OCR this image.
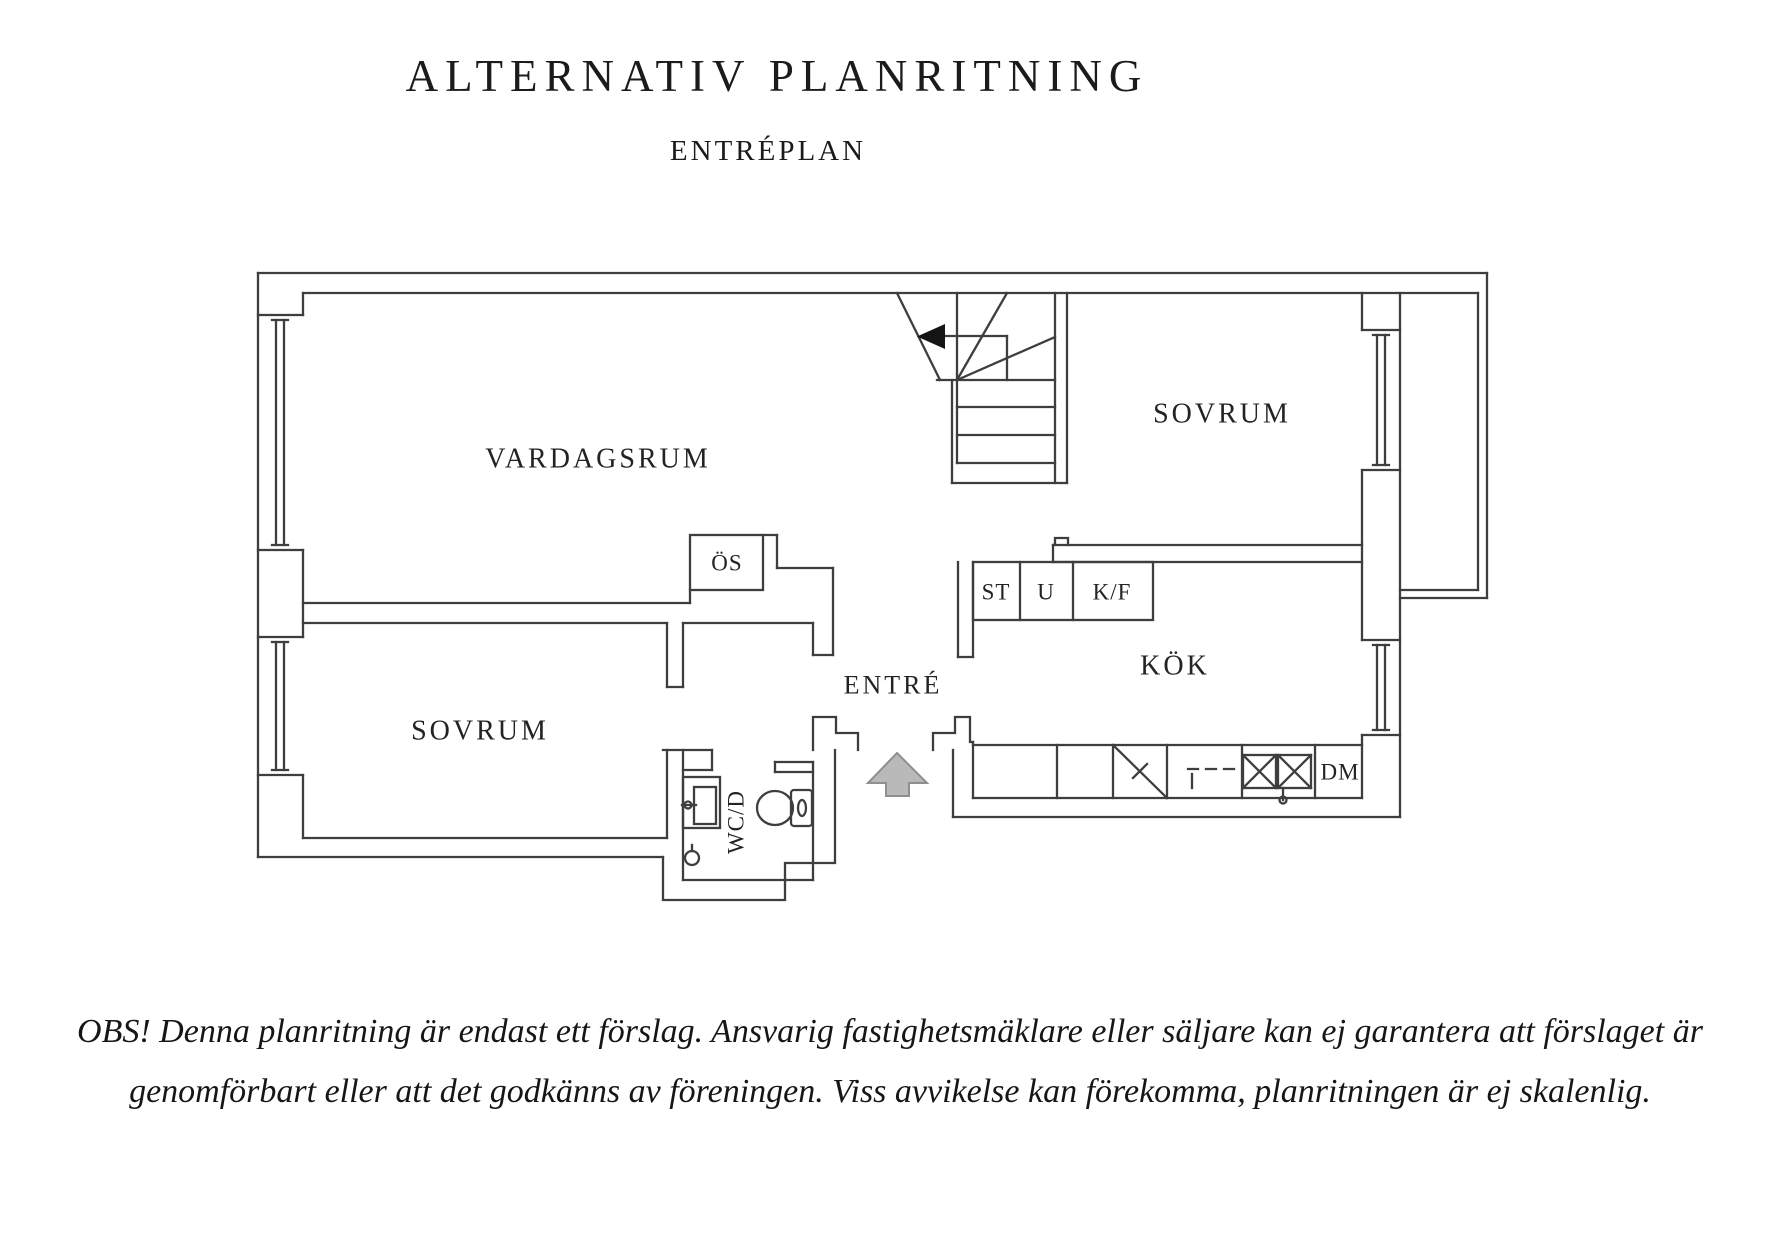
ALTERNATIV PLANRITNING
ENTRÉPLAN
VARDAGSRUM
SOVRUM
SOVRUM
KÖK
ENTRÉ
ÖS
ST U K/F
DM
WC/D
OBS! Denna planritning är endast ett förslag. Ansvarig fastighetsmäklare eller säljare kan ej garantera att förslaget är
genomförbart eller att det godkänns av föreningen. Viss avvikelse kan förekomma, planritningen är ej skalenlig.
